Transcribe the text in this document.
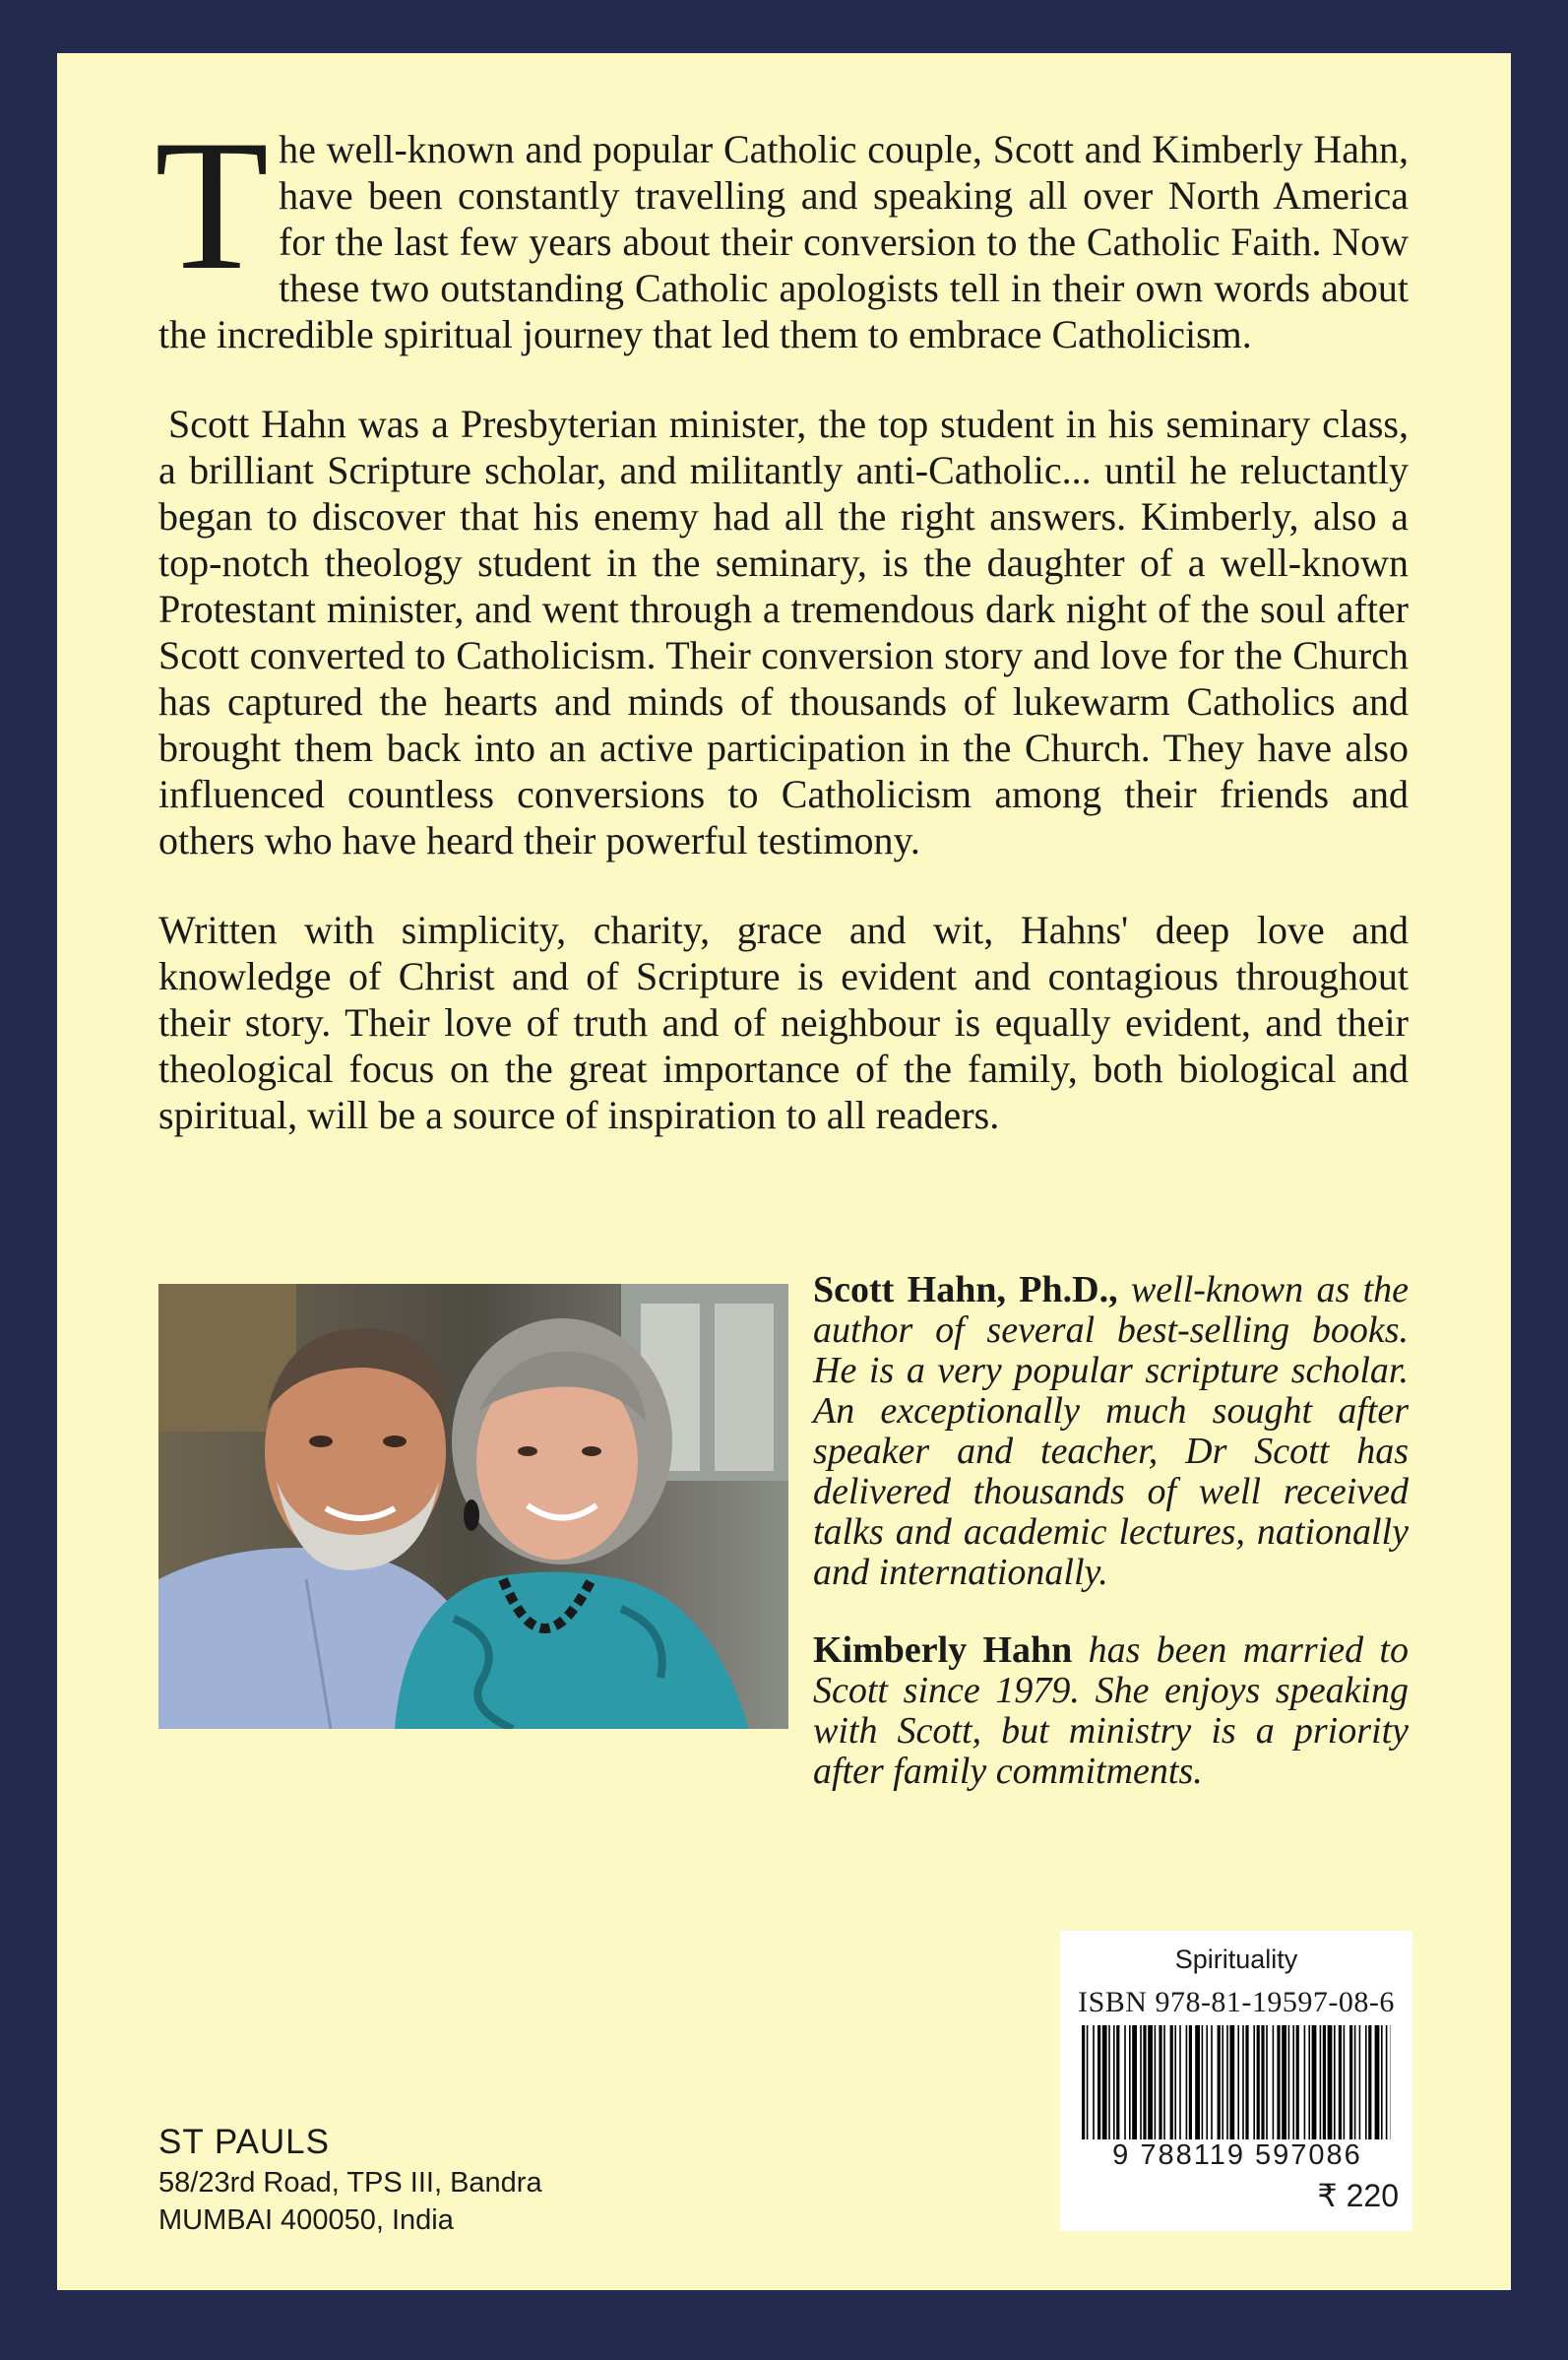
The well-known and popular Catholic couple, Scott and Kimberly Hahn, have been constantly travelling and speaking all over North America for the last few years about their conversion to the Catholic Faith. Now these two outstanding Catholic apologists tell in their own words about the incredible spiritual journey that led them to embrace Catholicism.

Scott Hahn was a Presbyterian minister, the top student in his seminary class, a brilliant Scripture scholar, and militantly anti-Catholic... until he reluctantly began to discover that his enemy had all the right answers. Kimberly, also a top-notch theology student in the seminary, is the daughter of a well-known Protestant minister, and went through a tremendous dark night of the soul after Scott converted to Catholicism. Their conversion story and love for the Church has captured the hearts and minds of thousands of lukewarm Catholics and brought them back into an active participation in the Church. They have also influenced countless conversions to Catholicism among their friends and others who have heard their powerful testimony.

Written with simplicity, charity, grace and wit, Hahns' deep love and knowledge of Christ and of Scripture is evident and contagious throughout their story. Their love of truth and of neighbour is equally evident, and their theological focus on the great importance of the family, both biological and spiritual, will be a source of inspiration to all readers.

Scott Hahn, Ph.D., well-known as the author of several best-selling books. He is a very popular scripture scholar. An exceptionally much sought after speaker and teacher, Dr Scott has delivered thousands of well received talks and academic lectures, nationally and internationally.

Kimberly Hahn has been married to Scott since 1979. She enjoys speaking with Scott, but ministry is a priority after family commitments.

ST PAULS
58/23rd Road, TPS III, Bandra
MUMBAI 400050, India
Spirituality
ISBN 978-81-19597-08-6
9 788119 597086
₹ 220
